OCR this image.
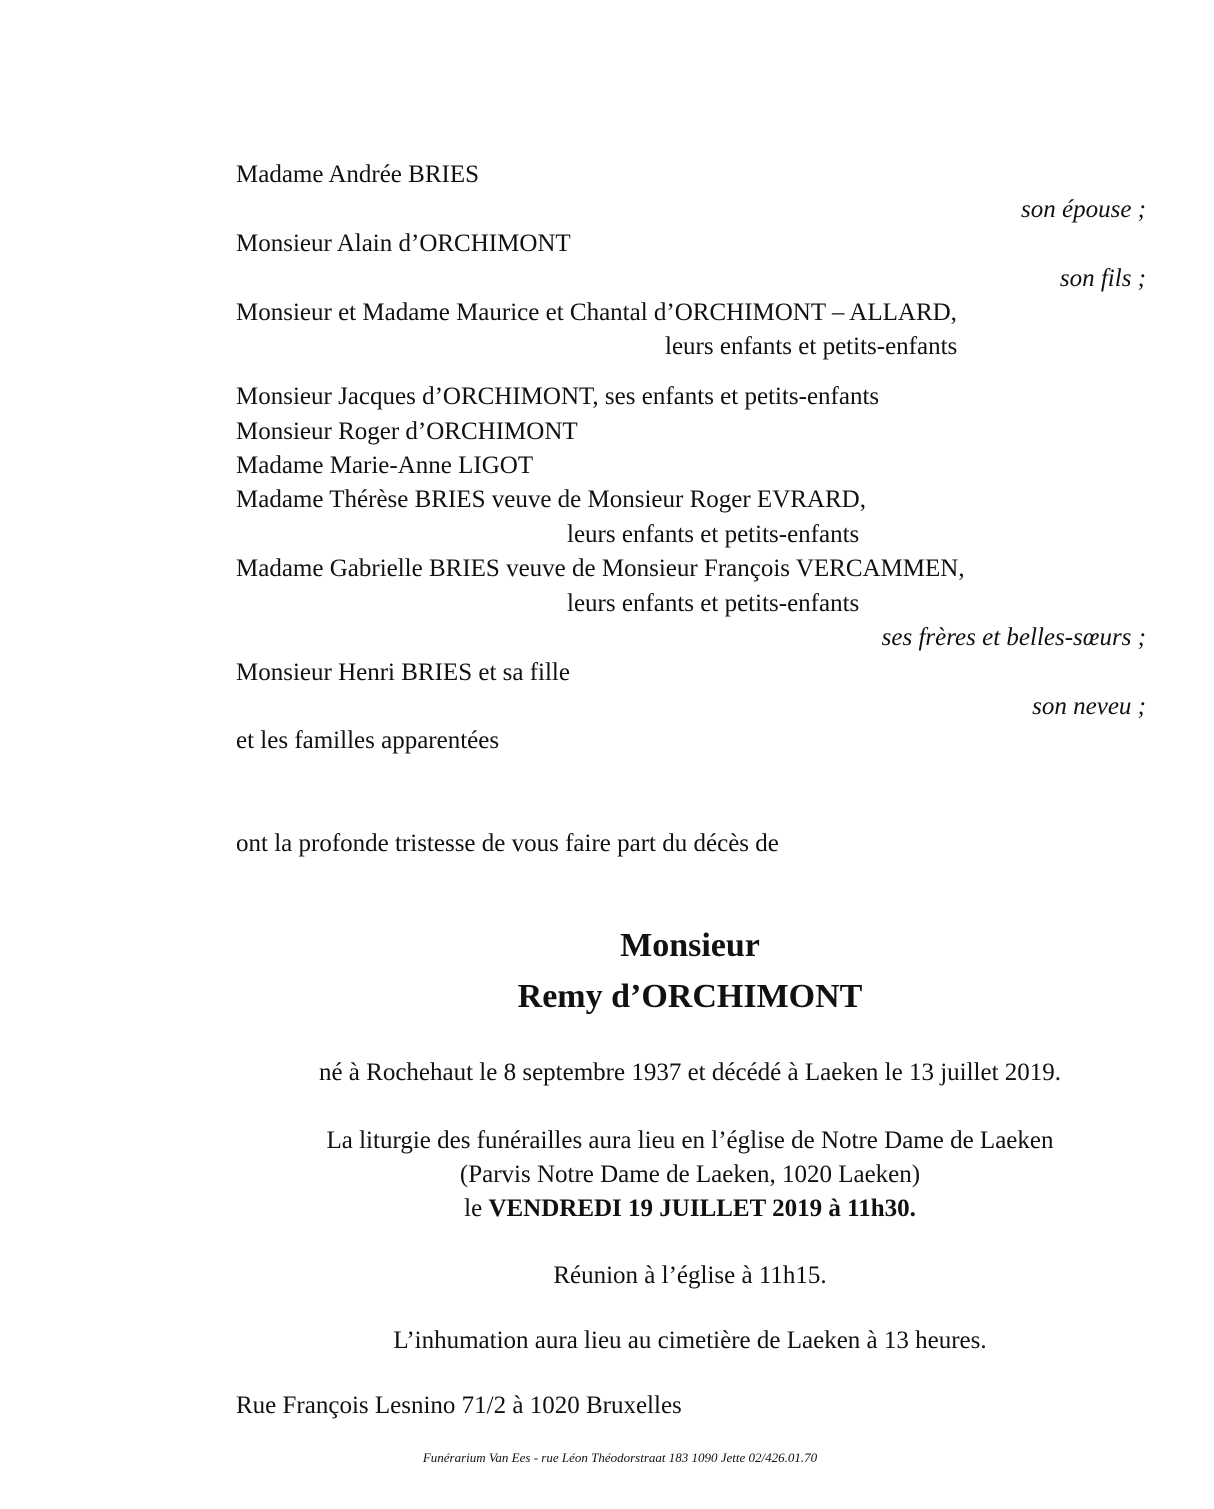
Madame Andrée BRIES
son épouse ;
Monsieur Alain d’ORCHIMONT
son fils ;
Monsieur et Madame Maurice et Chantal d’ORCHIMONT – ALLARD,
leurs enfants et petits-enfants
Monsieur Jacques d’ORCHIMONT, ses enfants et petits-enfants
Monsieur Roger d’ORCHIMONT
Madame Marie-Anne LIGOT
Madame Thérèse BRIES veuve de Monsieur Roger EVRARD,
leurs enfants et petits-enfants
Madame Gabrielle BRIES veuve de Monsieur François VERCAMMEN,
leurs enfants et petits-enfants
ses frères et belles-sœurs ;
Monsieur Henri BRIES et sa fille
son neveu ;
et les familles apparentées
ont la profonde tristesse de vous faire part du décès de
Monsieur
Remy d’ORCHIMONT
né à Rochehaut le 8 septembre 1937 et décédé à Laeken le 13 juillet 2019.
La liturgie des funérailles aura lieu en l’église de Notre Dame de Laeken
(Parvis Notre Dame de Laeken, 1020 Laeken)
le VENDREDI 19 JUILLET 2019 à 11h30.
Réunion à l’église à 11h15.
L’inhumation aura lieu au cimetière de Laeken à 13 heures.
Rue François Lesnino 71/2 à 1020 Bruxelles
Funérarium Van Ees - rue Léon Théodorstraat 183 1090 Jette 02/426.01.70
